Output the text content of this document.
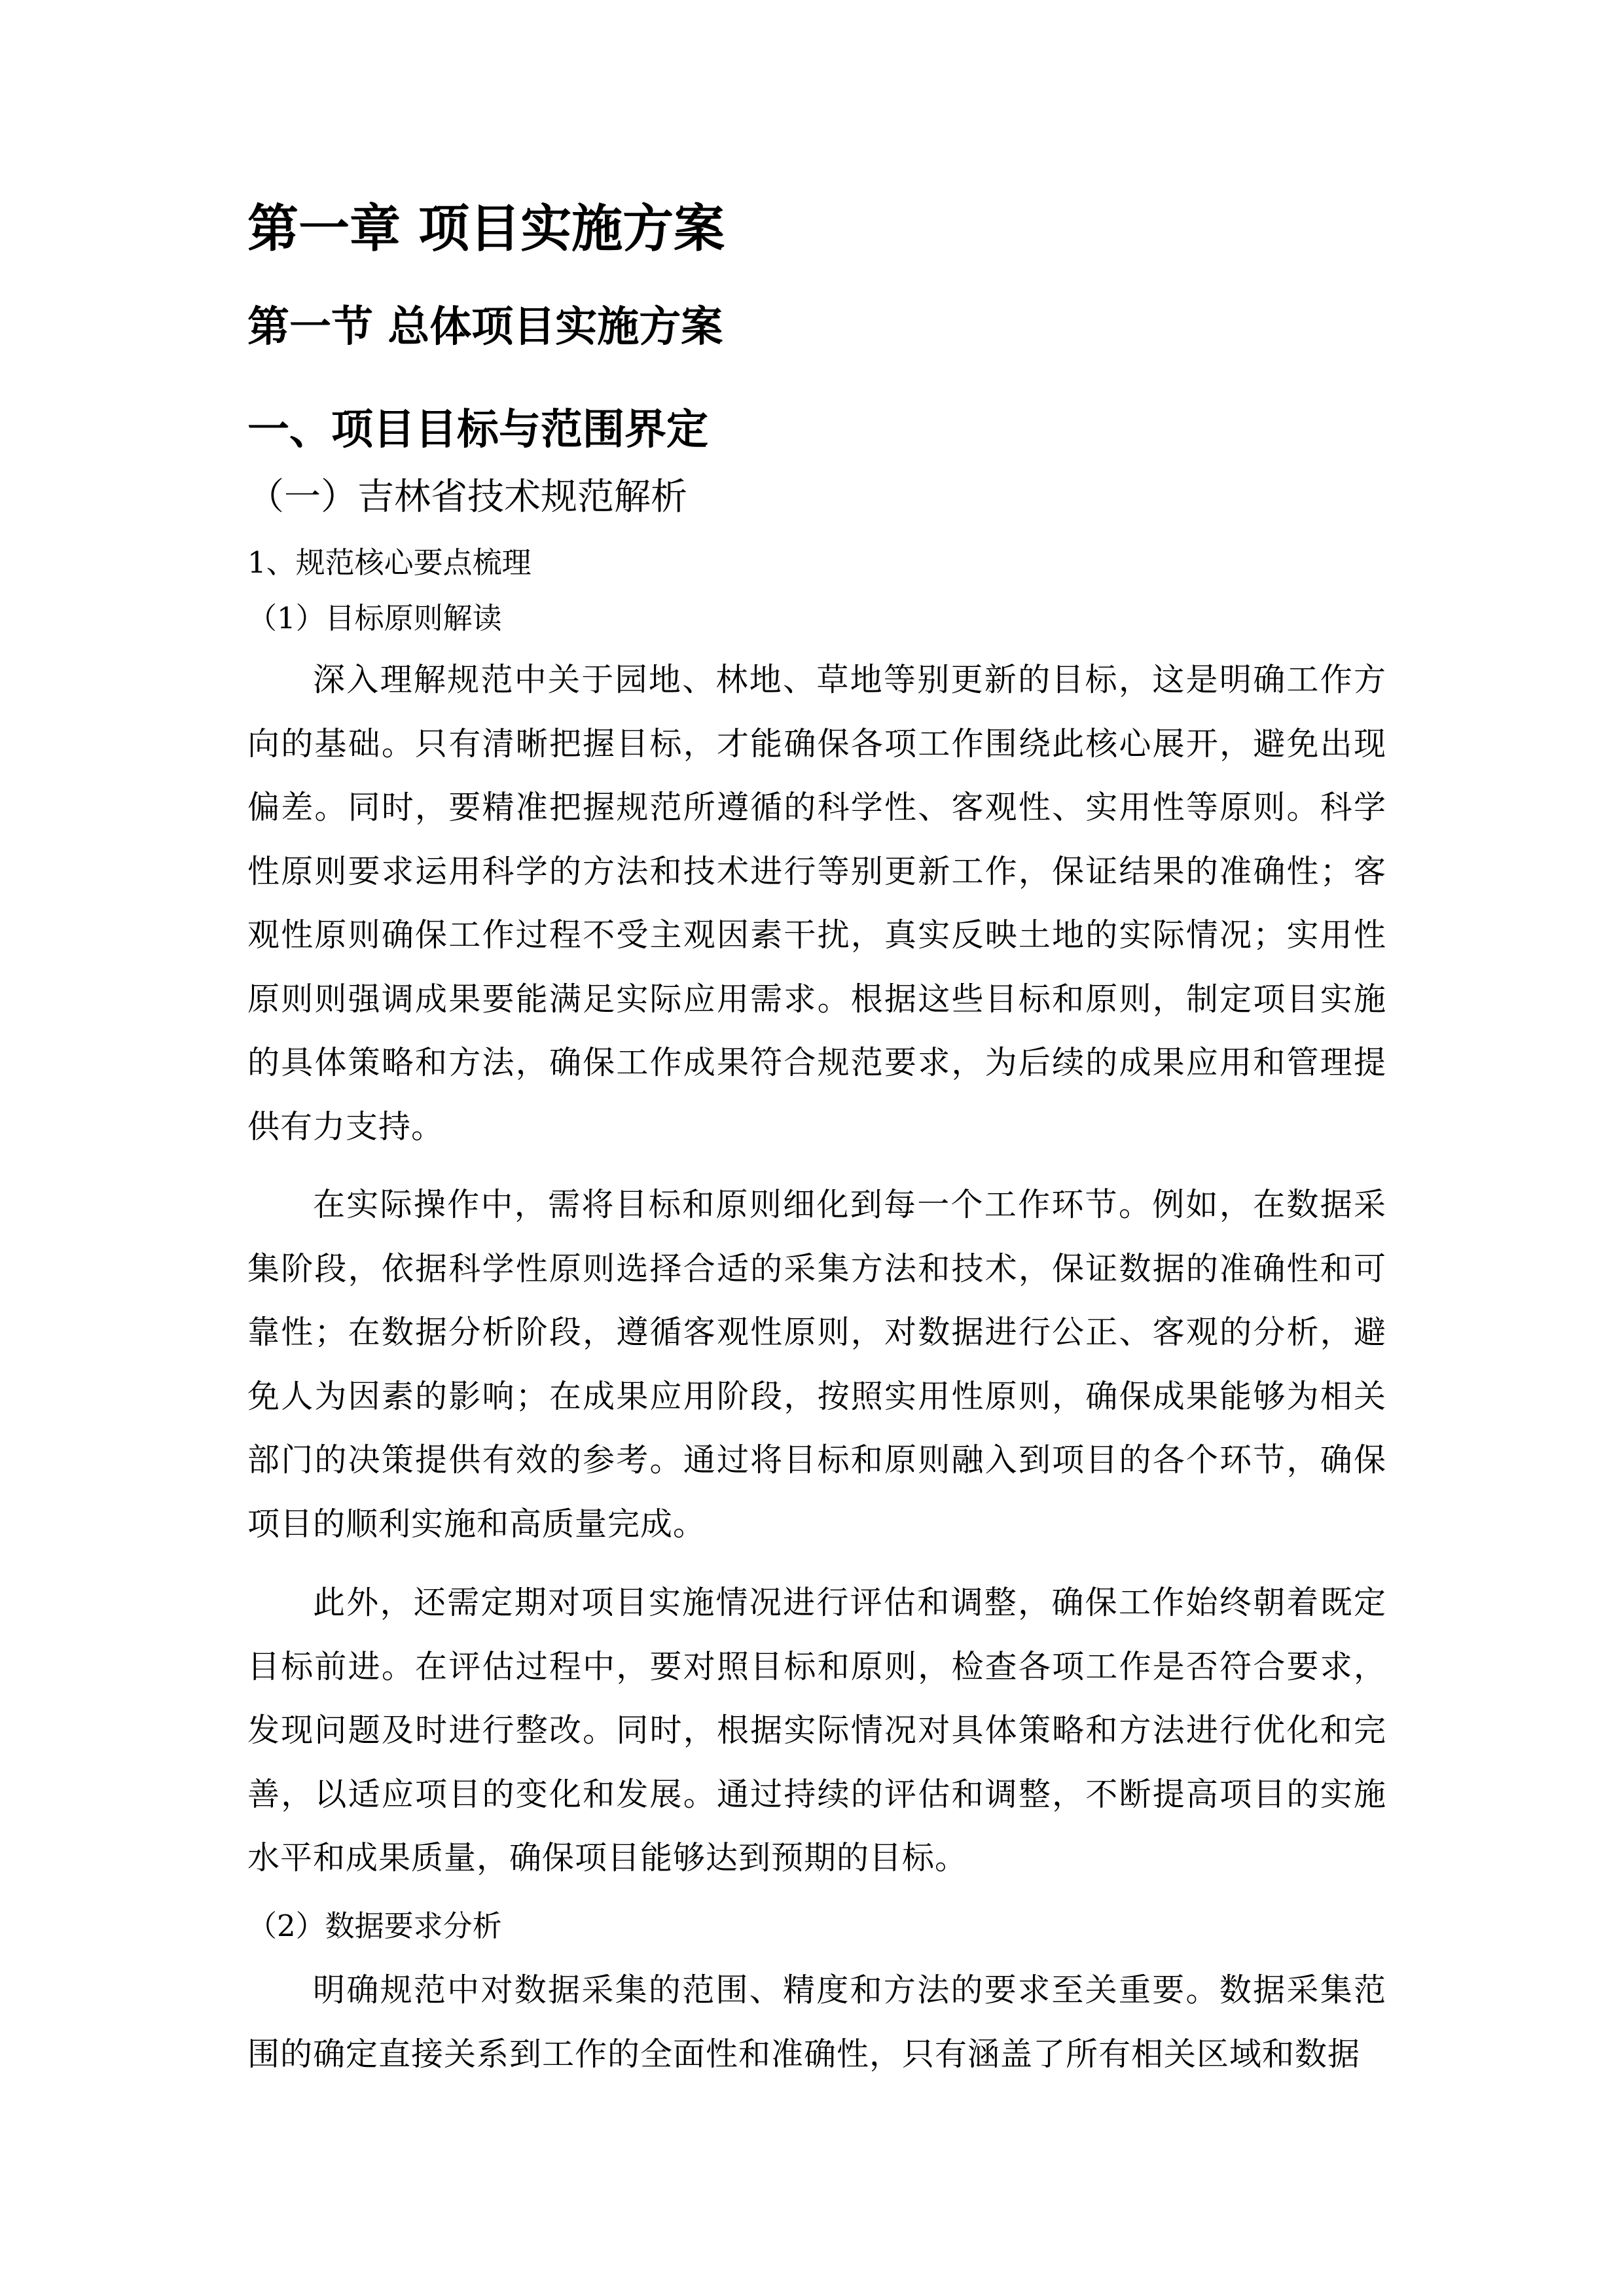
第一章 项目实施方案
第一节 总体项目实施方案
一、项目目标与范围界定
（一）吉林省技术规范解析
1、规范核心要点梳理
（1）目标原则解读
深入理解规范中关于园地、林地、草地等别更新的目标，这是明确工作方向的基础。只有清晰把握目标，才能确保各项工作围绕此核心展开，避免出现偏差。同时，要精准把握规范所遵循的科学性、客观性、实用性等原则。科学性原则要求运用科学的方法和技术进行等别更新工作，保证结果的准确性；客观性原则确保工作过程不受主观因素干扰，真实反映土地的实际情况；实用性原则则强调成果要能满足实际应用需求。根据这些目标和原则，制定项目实施的具体策略和方法，确保工作成果符合规范要求，为后续的成果应用和管理提供有力支持。
在实际操作中，需将目标和原则细化到每一个工作环节。例如，在数据采集阶段，依据科学性原则选择合适的采集方法和技术，保证数据的准确性和可靠性；在数据分析阶段，遵循客观性原则，对数据进行公正、客观的分析，避免人为因素的影响；在成果应用阶段，按照实用性原则，确保成果能够为相关部门的决策提供有效的参考。通过将目标和原则融入到项目的各个环节，确保项目的顺利实施和高质量完成。
此外，还需定期对项目实施情况进行评估和调整，确保工作始终朝着既定目标前进。在评估过程中，要对照目标和原则，检查各项工作是否符合要求，发现问题及时进行整改。同时，根据实际情况对具体策略和方法进行优化和完善，以适应项目的变化和发展。通过持续的评估和调整，不断提高项目的实施水平和成果质量，确保项目能够达到预期的目标。
（2）数据要求分析
明确规范中对数据采集的范围、精度和方法的要求至关重要。数据采集范围的确定直接关系到工作的全面性和准确性，只有涵盖了所有相关区域和数据
